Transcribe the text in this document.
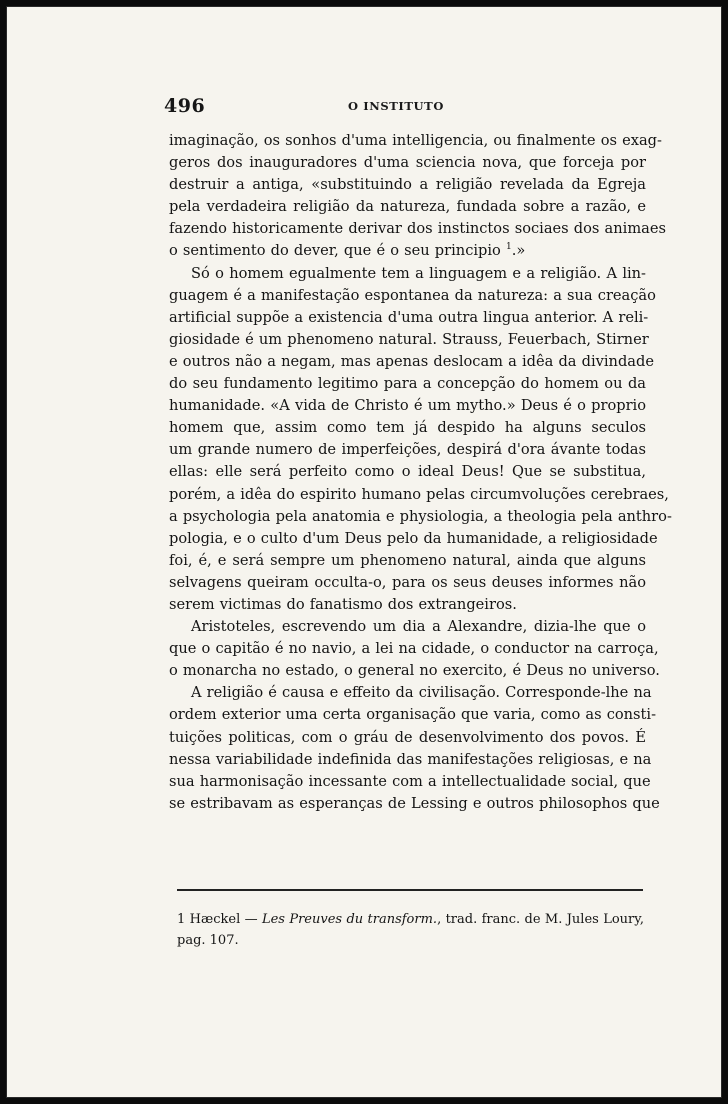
496	O INSTITUTO
imaginação, os sonhos d'uma intelligencia, ou finalmente os exag-
geros dos inauguradores d'uma sciencia nova, que forceja por
destruir a antiga, «substituindo a religião revelada da Egreja
pela verdadeira religião da natureza, fundada sobre a razão, e
fazendo historicamente derivar dos instinctos sociaes dos animaes
o sentimento do dever, que é o seu principio $^1$.»
Só o homem egualmente tem a linguagem e a religião. A lin-
guagem é a manifestação espontanea da natureza: a sua creação
artificial suppõe a existencia d'uma outra lingua anterior. A reli-
giosidade é um phenomeno natural. Strauss, Feuerbach, Stirner
e outros não a negam, mas apenas deslocam a idêa da divindade
do seu fundamento legitimo para a concepção do homem ou da
humanidade. «A vida de Christo é um mytho.» Deus é o proprio
homem que, assim como tem já despido ha alguns seculos
um grande numero de imperfeições, despirá d'ora ávante todas
ellas: elle será perfeito como o ideal Deus! Que se substitua,
porém, a idêa do espirito humano pelas circumvoluções cerebraes,
a psychologia pela anatomia e physiologia, a theologia pela anthro-
pologia, e o culto d'um Deus pelo da humanidade, a religiosidade
foi, é, e será sempre um phenomeno natural, ainda que alguns
selvagens queiram occulta-o, para os seus deuses informes não
serem victimas do fanatismo dos extrangeiros.
Aristoteles, escrevendo um dia a Alexandre, dizia-lhe que o
que o capitão é no navio, a lei na cidade, o conductor na carroça,
o monarcha no estado, o general no exercito, é Deus no universo.
A religião é causa e effeito da civilisação. Corresponde-lhe na
ordem exterior uma certa organisação que varia, como as consti-
tuições politicas, com o gráu de desenvolvimento dos povos. É
nessa variabilidade indefinida das manifestações religiosas, e na
sua harmonisação incessante com a intellectualidade social, que
se estribavam as esperanças de Lessing e outros philosophos que
1 Hæckel — Les Preuves du transform., trad. franc. de M. Jules Loury,
pag. 107.
